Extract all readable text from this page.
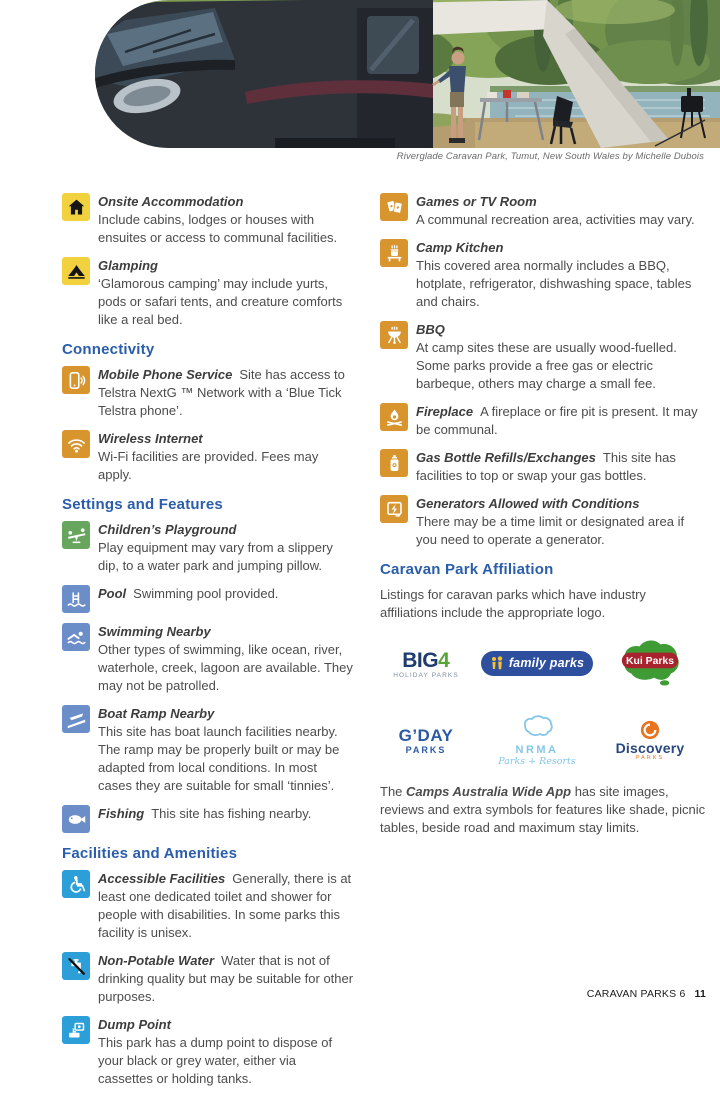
Riverglade Caravan Park, Tumut, New South Wales by Michelle Dubois
Onsite Accommodation

Include cabins, lodges or houses with ensuites or access to communal facilities.

Glamping

‘Glamorous camping’ may include yurts, pods or safari tents, and creature comforts like a real bed.

Connectivity

Mobile Phone Service Site has access to Telstra NextG ™ Network with a ‘Blue Tick Telstra phone’.

Wireless Internet

Wi-Fi facilities are provided. Fees may apply.

Settings and Features
Children’s Playground

Play equipment may vary from a slippery dip, to a water park and jumping pillow.

Pool Swimming pool provided.

Swimming Nearby

Other types of swimming, like ocean, river, waterhole, creek, lagoon are available. They may not be patrolled.

Boat Ramp Nearby

This site has boat launch facilities nearby. The ramp may be properly built or may be adapted from local conditions. In most cases they are suitable for small ‘tinnies’.

Fishing This site has fishing nearby.

Facilities and Amenities

Accessible Facilities Generally, there is at least one dedicated toilet and shower for people with disabilities. In some parks this facility is unisex.

Non-Potable Water Water that is not of drinking quality but may be suitable for other purposes.

Dump Point

This park has a dump point to dispose of your black or grey water, either via cassettes or holding tanks.

Games or TV Room

A communal recreation area, activities may vary.

Camp Kitchen

This covered area normally includes a BBQ, hotplate, refrigerator, dishwashing space, tables and chairs.

BBQ

At camp sites these are usually wood-fuelled. Some parks provide a free gas or electric barbeque, others may charge a small fee.

Fireplace A fireplace or fire pit is present. It may be communal.

Gas Bottle Refills/Exchanges This site has facilities to top or swap your gas bottles.

Generators Allowed with Conditions

There may be a time limit or designated area if you need to operate a generator.

Caravan Park Affiliation

Listings for caravan parks which have industry affiliations include the appropriate logo.

BIG4
HOLIDAY PARKS
family parks	Kui Parks
G’DAY
PARKS	NRMA
Parks + Resorts
Discovery
PARKS

The Camps Australia Wide App has site images, reviews and extra symbols for features like shade, picnic tables, beside road and maximum stay limits.

CARAVAN PARKS 6 11
